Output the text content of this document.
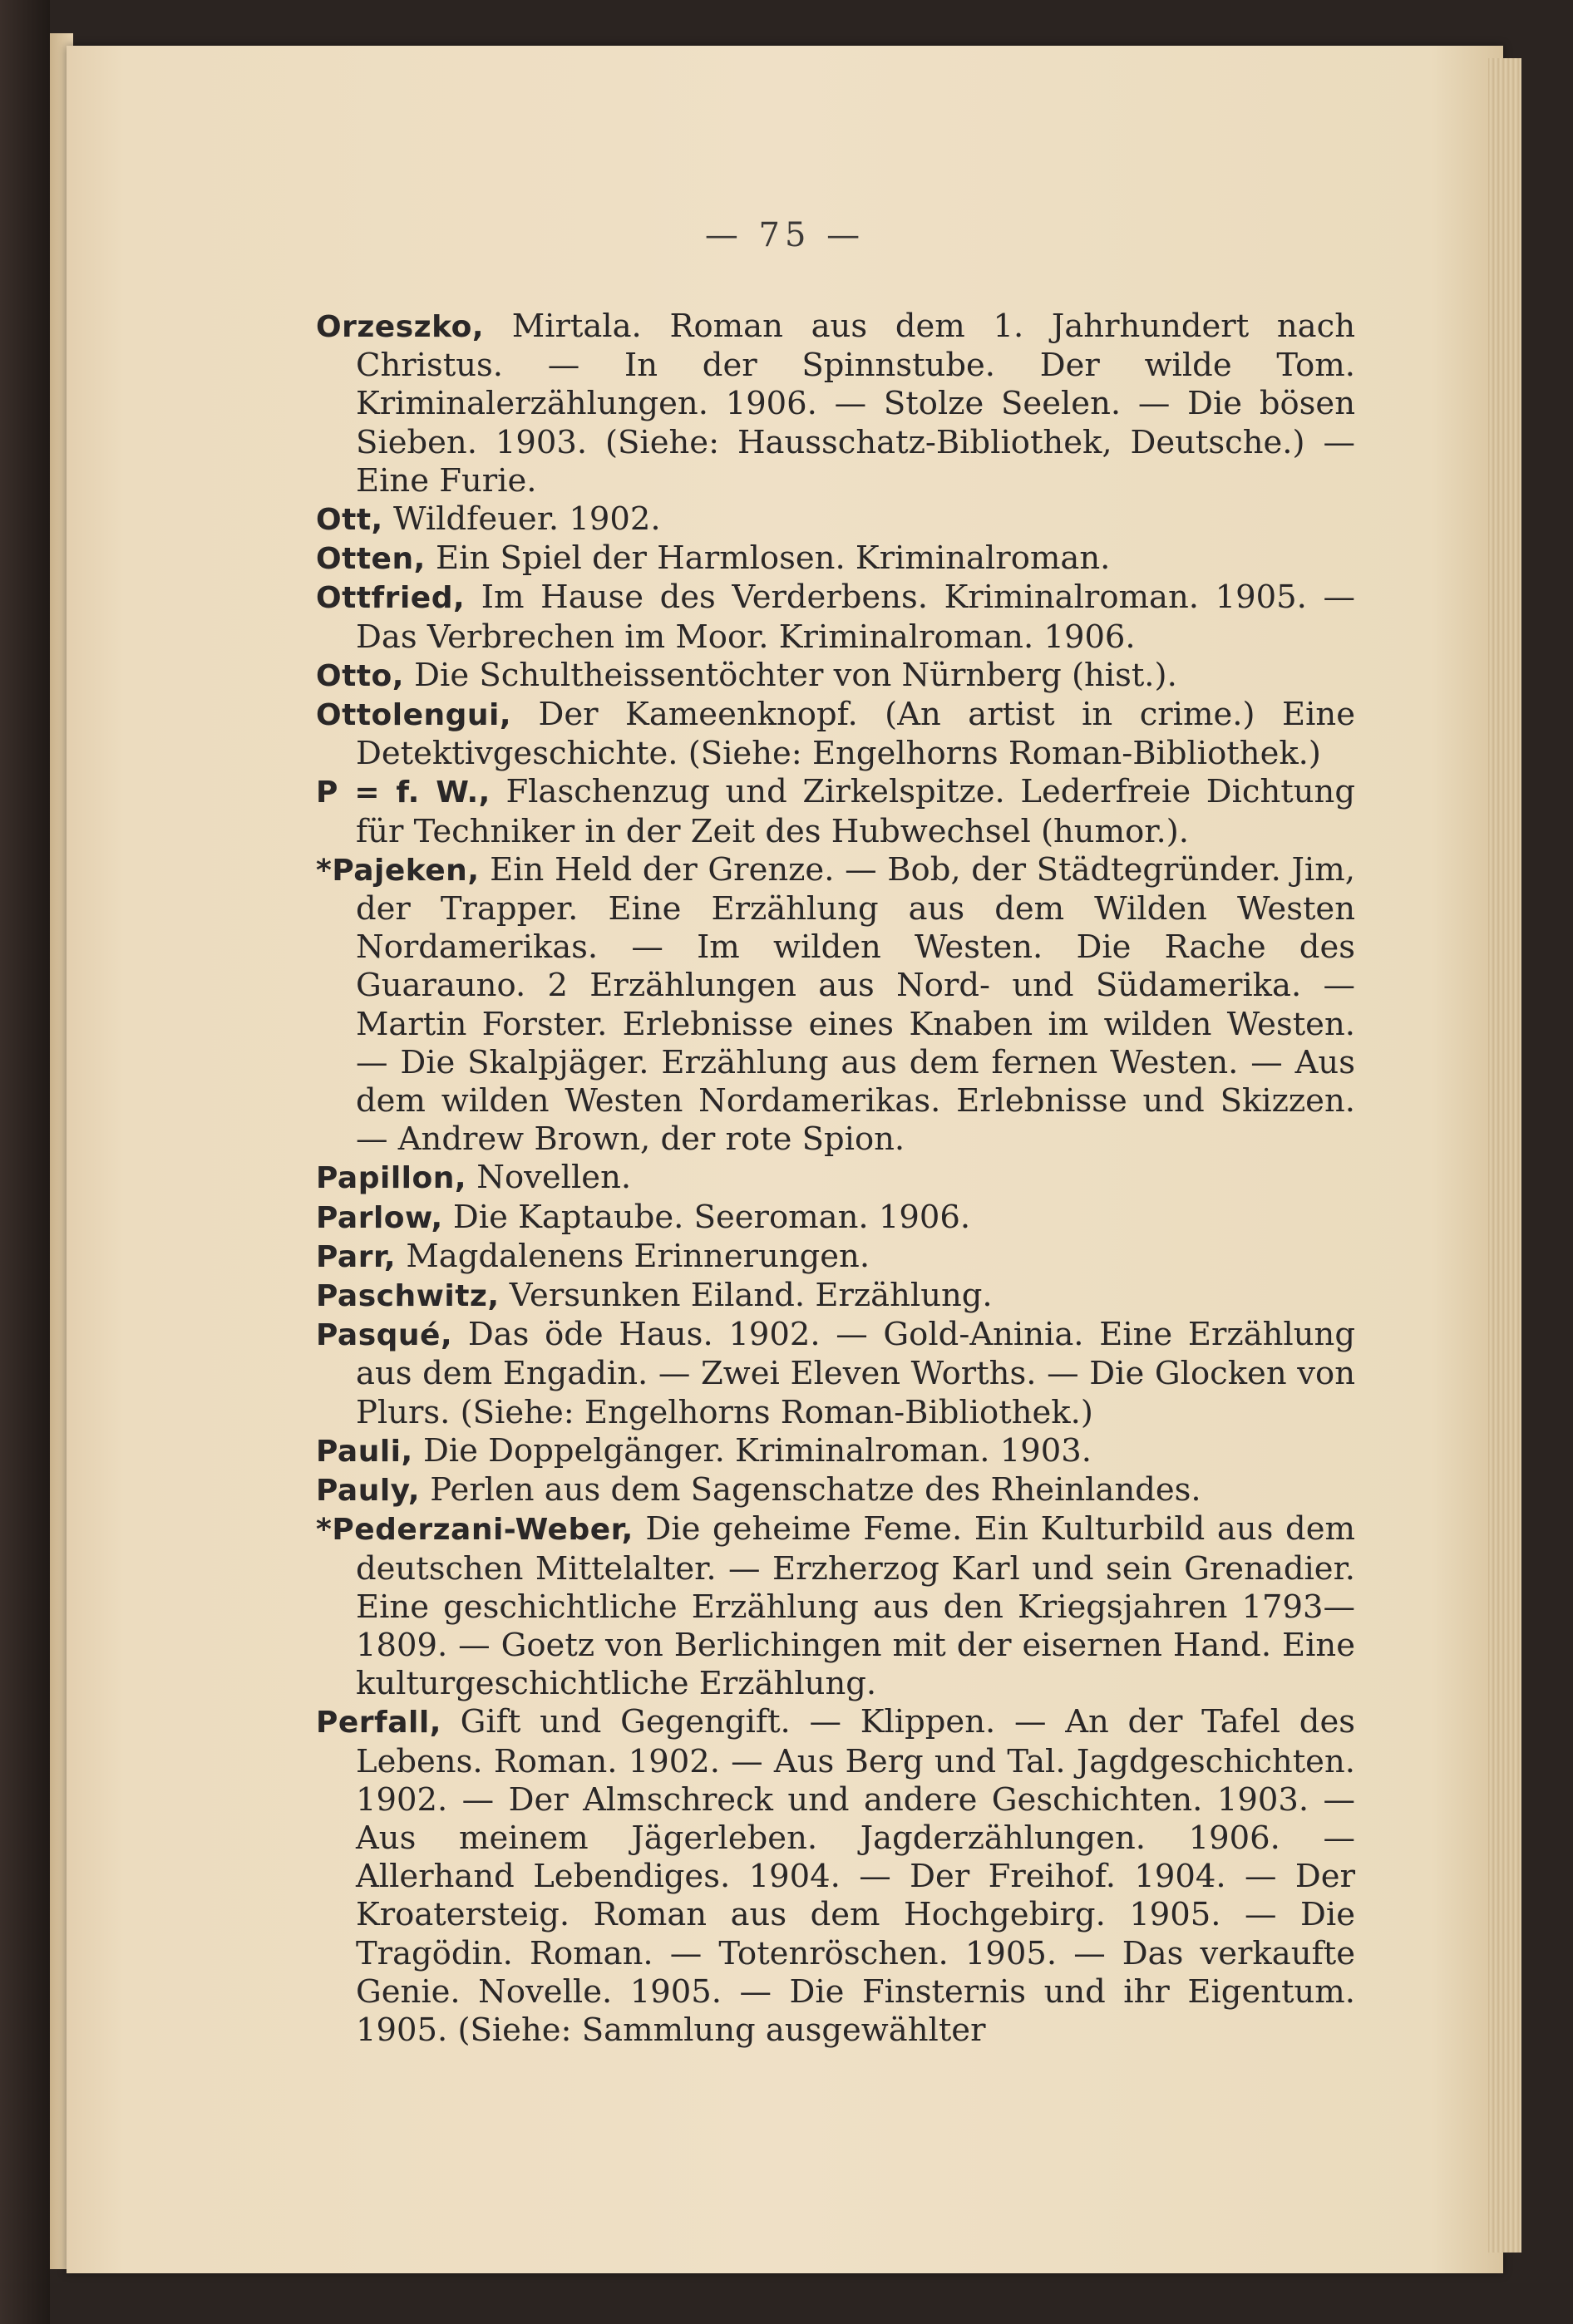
— 75 —

Orzeszko, Mirtala. Roman aus dem 1. Jahrhundert nach Christus. — In der Spinnstube. Der wilde Tom. Kriminalerzählungen. 1906. — Stolze Seelen. — Die bösen Sieben. 1903. (Siehe: Hausschatz-Bibliothek, Deutsche.) — Eine Furie.

Ott, Wildfeuer. 1902.

Otten, Ein Spiel der Harmlosen. Kriminalroman.

Ottfried, Im Hause des Verderbens. Kriminalroman. 1905. — Das Verbrechen im Moor. Kriminalroman. 1906.

Otto, Die Schultheissentöchter von Nürnberg (hist.).

Ottolengui, Der Kameenknopf. (An artist in crime.) Eine Detektivgeschichte. (Siehe: Engelhorns Roman-Bibliothek.)

P = f. W., Flaschenzug und Zirkelspitze. Lederfreie Dichtung für Techniker in der Zeit des Hubwechsel (humor.).

*Pajeken, Ein Held der Grenze. — Bob, der Städtegründer. Jim, der Trapper. Eine Erzählung aus dem Wilden Westen Nordamerikas. — Im wilden Westen. Die Rache des Guarauno. 2 Erzählungen aus Nord- und Südamerika. — Martin Forster. Erlebnisse eines Knaben im wilden Westen. — Die Skalpjäger. Erzählung aus dem fernen Westen. — Aus dem wilden Westen Nordamerikas. Erlebnisse und Skizzen. — Andrew Brown, der rote Spion.

Papillon, Novellen.

Parlow, Die Kaptaube. Seeroman. 1906.

Parr, Magdalenens Erinnerungen.

Paschwitz, Versunken Eiland. Erzählung.

Pasqué, Das öde Haus. 1902. — Gold-Aninia. Eine Erzählung aus dem Engadin. — Zwei Eleven Worths. — Die Glocken von Plurs. (Siehe: Engelhorns Roman-Bibliothek.)

Pauli, Die Doppelgänger. Kriminalroman. 1903.

Pauly, Perlen aus dem Sagenschatze des Rheinlandes.

*Pederzani-Weber, Die geheime Feme. Ein Kulturbild aus dem deutschen Mittelalter. — Erzherzog Karl und sein Grenadier. Eine geschichtliche Erzählung aus den Kriegsjahren 1793—1809. — Goetz von Berlichingen mit der eisernen Hand. Eine kulturgeschichtliche Erzählung.

Perfall, Gift und Gegengift. — Klippen. — An der Tafel des Lebens. Roman. 1902. — Aus Berg und Tal. Jagdgeschichten. 1902. — Der Almschreck und andere Geschichten. 1903. — Aus meinem Jägerleben. Jagderzählungen. 1906. — Allerhand Lebendiges. 1904. — Der Freihof. 1904. — Der Kroatersteig. Roman aus dem Hochgebirg. 1905. — Die Tragödin. Roman. — Totenröschen. 1905. — Das verkaufte Genie. Novelle. 1905. — Die Finsternis und ihr Eigentum. 1905. (Siehe: Sammlung ausgewählter
